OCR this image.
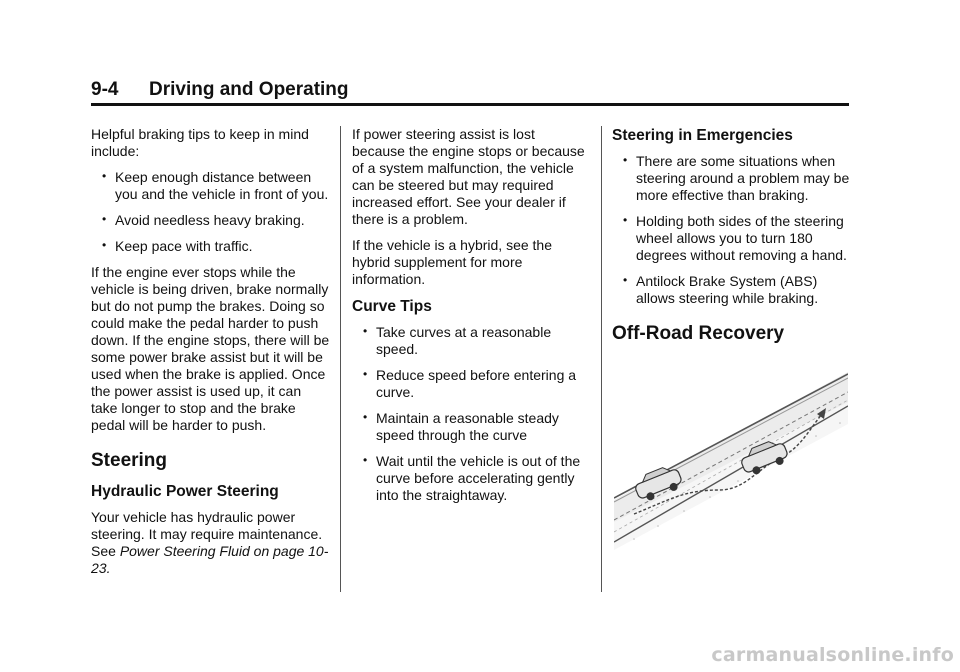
9-4 Driving and Operating

Helpful braking tips to keep in mind include:

• Keep enough distance between you and the vehicle in front of you.
• Avoid needless heavy braking.
• Keep pace with traffic.

If the engine ever stops while the vehicle is being driven, brake normally but do not pump the brakes. Doing so could make the pedal harder to push down. If the engine stops, there will be some power brake assist but it will be used when the brake is applied. Once the power assist is used up, it can take longer to stop and the brake pedal will be harder to push.

Steering
Hydraulic Power Steering

Your vehicle has hydraulic power steering. It may require maintenance. See Power Steering Fluid on page 10-23.

If power steering assist is lost because the engine stops or because of a system malfunction, the vehicle can be steered but may required increased effort. See your dealer if there is a problem.

If the vehicle is a hybrid, see the hybrid supplement for more information.

Curve Tips
• Take curves at a reasonable speed.
• Reduce speed before entering a curve.
• Maintain a reasonable steady speed through the curve
• Wait until the vehicle is out of the curve before accelerating gently into the straightaway.
Steering in Emergencies
• There are some situations when steering around a problem may be more effective than braking.
• Holding both sides of the steering wheel allows you to turn 180 degrees without removing a hand.
• Antilock Brake System (ABS) allows steering while braking.
Off-Road Recovery
carmanualsonline.info
